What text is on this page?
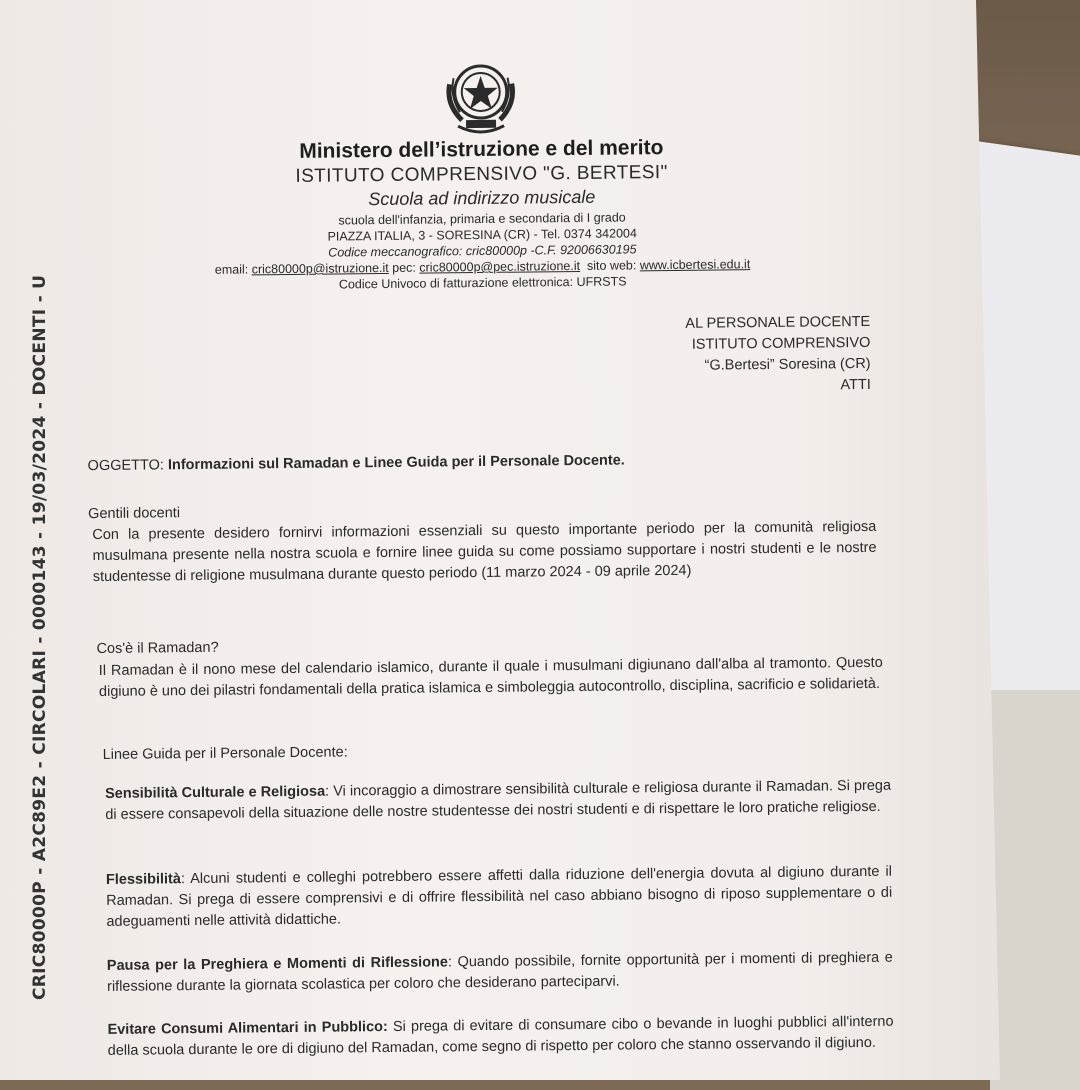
CRIC80000P - A2C89E2 - CIRCOLARI - 0000143 - 19/03/2024 - DOCENTI - U
Ministero dell’istruzione e del merito
ISTITUTO COMPRENSIVO "G. BERTESI"
Scuola ad indirizzo musicale
scuola dell'infanzia, primaria e secondaria di I grado
PIAZZA ITALIA, 3 - SORESINA (CR) - Tel. 0374 342004
Codice meccanografico: cric80000p -C.F. 92006630195
email: cric80000p@istruzione.it pec: cric80000p@pec.istruzione.it sito web: www.icbertesi.edu.it
Codice Univoco di fatturazione elettronica: UFRSTS
AL PERSONALE DOCENTE
ISTITUTO COMPRENSIVO
“G.Bertesi” Soresina (CR)
ATTI
OGGETTO: Informazioni sul Ramadan e Linee Guida per il Personale Docente.
Gentili docenti
Con la presente desidero fornirvi informazioni essenziali su questo importante periodo per la comunità religiosa musulmana presente nella nostra scuola e fornire linee guida su come possiamo supportare i nostri studenti e le nostre studentesse di religione musulmana durante questo periodo (11 marzo 2024 - 09 aprile 2024)
Cos'è il Ramadan?
Il Ramadan è il nono mese del calendario islamico, durante il quale i musulmani digiunano dall'alba al tramonto. Questo digiuno è uno dei pilastri fondamentali della pratica islamica e simboleggia autocontrollo, disciplina, sacrificio e solidarietà.
Linee Guida per il Personale Docente:
Sensibilità Culturale e Religiosa: Vi incoraggio a dimostrare sensibilità culturale e religiosa durante il Ramadan. Si prega di essere consapevoli della situazione delle nostre studentesse dei nostri studenti e di rispettare le loro pratiche religiose.
Flessibilità: Alcuni studenti e colleghi potrebbero essere affetti dalla riduzione dell'energia dovuta al digiuno durante il Ramadan. Si prega di essere comprensivi e di offrire flessibilità nel caso abbiano bisogno di riposo supplementare o di adeguamenti nelle attività didattiche.
Pausa per la Preghiera e Momenti di Riflessione: Quando possibile, fornite opportunità per i momenti di preghiera e riflessione durante la giornata scolastica per coloro che desiderano parteciparvi.
Evitare Consumi Alimentari in Pubblico: Si prega di evitare di consumare cibo o bevande in luoghi pubblici all'interno della scuola durante le ore di digiuno del Ramadan, come segno di rispetto per coloro che stanno osservando il digiuno.
